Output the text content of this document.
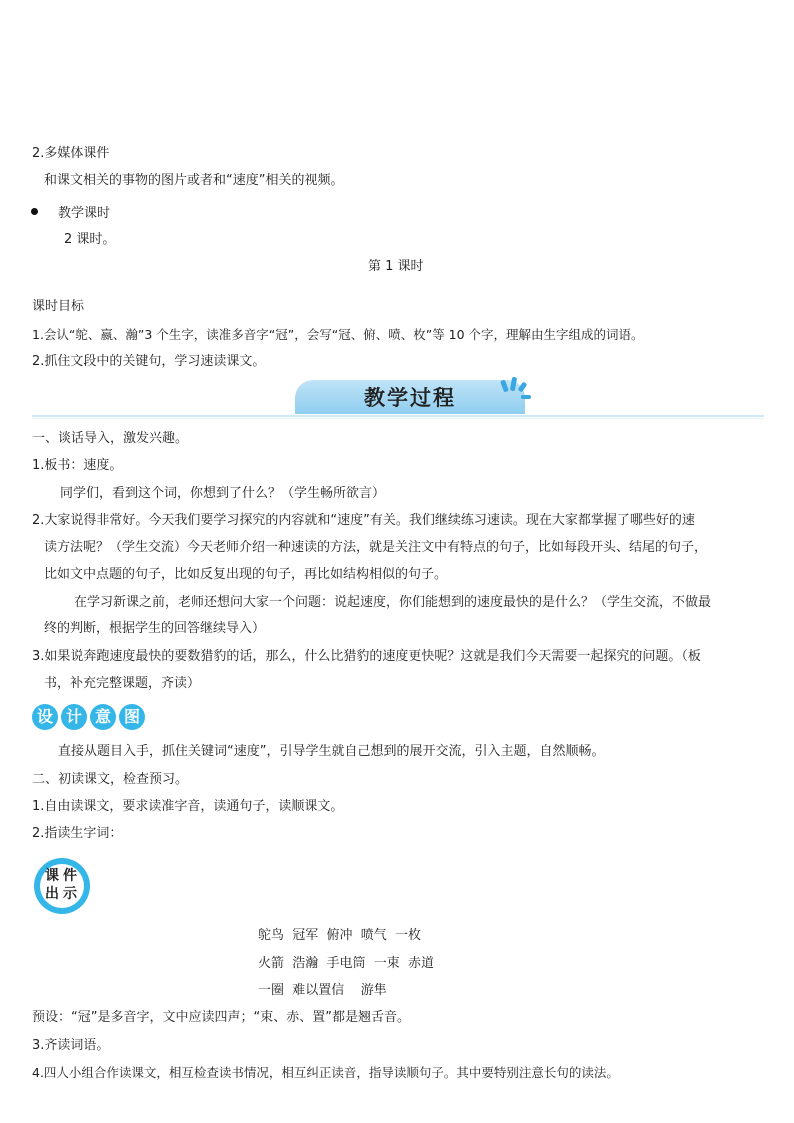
2.多媒体课件
和课文相关的事物的图片或者和“速度”相关的视频。
教学课时
2 课时。
第 1 课时
课时目标
1.会认“鸵、嬴、瀚”3 个生字，读准多音字“冠”，会写“冠、俯、喷、枚”等 10 个字，理解由生字组成的词语。
2.抓住文段中的关键句，学习速读课文。
教学过程
一、谈话导入，激发兴趣。
1.板书：速度。
同学们，看到这个词，你想到了什么？（学生畅所欲言）
2.大家说得非常好。今天我们要学习探究的内容就和“速度”有关。我们继续练习速读。现在大家都掌握了哪些好的速
读方法呢？（学生交流）今天老师介绍一种速读的方法，就是关注文中有特点的句子，比如每段开头、结尾的句子，
比如文中点题的句子，比如反复出现的句子，再比如结构相似的句子。
在学习新课之前，老师还想问大家一个问题：说起速度，你们能想到的速度最快的是什么？（学生交流，不做最
终的判断，根据学生的回答继续导入）
3.如果说奔跑速度最快的要数猎豹的话，那么，什么比猎豹的速度更快呢？这就是我们今天需要一起探究的问题。（板
书，补充完整课题，齐读）
设 计 意 图
直接从题目入手，抓住关键词“速度”，引导学生就自己想到的展开交流，引入主题，自然顺畅。
二、初读课文，检查预习。
1.自由读课文，要求读准字音，读通句子，读顺课文。
2.指读生字词：
课 件
出 示
鸵鸟  冠军  俯冲  喷气  一枚
火箭  浩瀚  手电筒  一束  赤道
一圈  难以置信    游隼
预设：“冠”是多音字，文中应读四声；“束、赤、置”都是翘舌音。
3.齐读词语。
4.四人小组合作读课文，相互检查读书情况，相互纠正读音，指导读顺句子。其中要特别注意长句的读法。
